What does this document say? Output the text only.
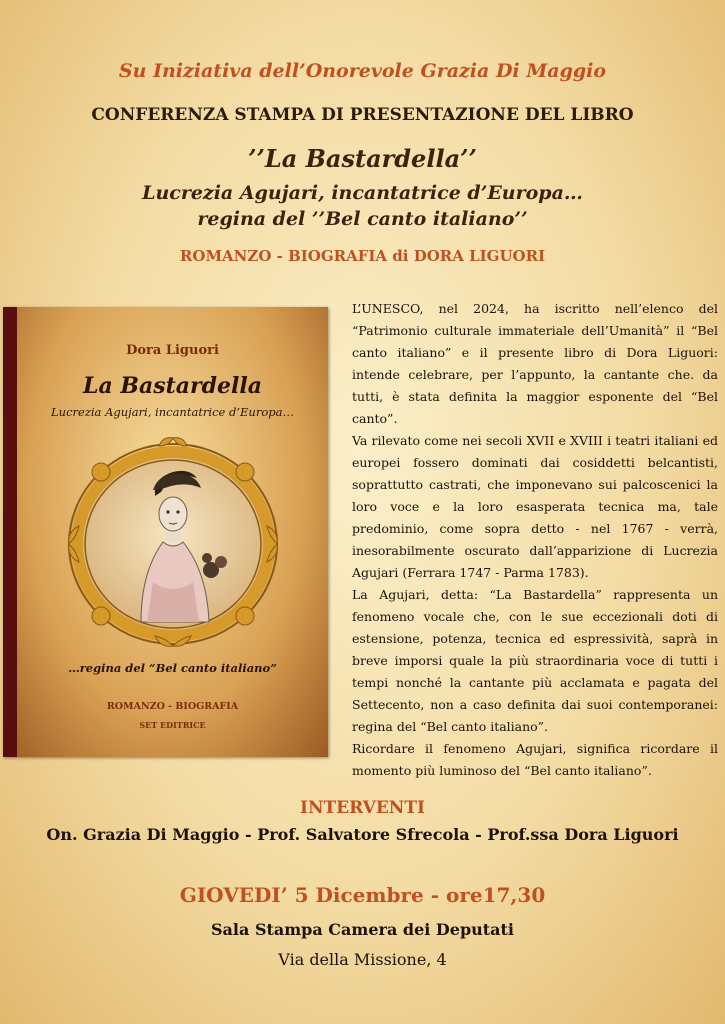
Su Iniziativa dell’Onorevole Grazia Di Maggio
CONFERENZA STAMPA DI PRESENTAZIONE DEL LIBRO
’’La Bastardella’’
Lucrezia Agujari, incantatrice d’Europa…
regina del ’’Bel canto italiano’’
ROMANZO - BIOGRAFIA di DORA LIGUORI
Dora Liguori
La Bastardella
Lucrezia Agujari, incantatrice d’Europa…
…regina del “Bel canto italiano”
ROMANZO - BIOGRAFIA
SET EDITRICE

L’UNESCO, nel 2024, ha iscritto nell’elenco del “Patrimonio culturale immateriale dell’Umanità” il “Bel canto italiano” e il presente libro di Dora Liguori: intende celebrare, per l’appunto, la cantante che. da tutti, è stata definita la maggior esponente del “Bel canto”.

Va rilevato come nei secoli XVII e XVIII i teatri italiani ed europei fossero dominati dai cosiddetti belcantisti, soprattutto castrati, che imponevano sui palcoscenici la loro voce e la loro esasperata tecnica ma, tale predominio, come sopra detto - nel 1767 - verrà, inesorabilmente oscurato dall’apparizione di Lucrezia Agujari (Ferrara 1747 - Parma 1783).

La Agujari, detta: “La Bastardella” rappresenta un fenomeno vocale che, con le sue eccezionali doti di estensione, potenza, tecnica ed espressività, saprà in breve imporsi quale la più straordinaria voce di tutti i tempi nonché la cantante più acclamata e pagata del Settecento, non a caso definita dai suoi contemporanei: regina del “Bel canto italiano”.

Ricordare il fenomeno Agujari, significa ricordare il momento più luminoso del “Bel canto italiano”.

INTERVENTI
On. Grazia Di Maggio - Prof. Salvatore Sfrecola - Prof.ssa Dora Liguori
GIOVEDI’ 5 Dicembre - ore17,30
Sala Stampa Camera dei Deputati
Via della Missione, 4
